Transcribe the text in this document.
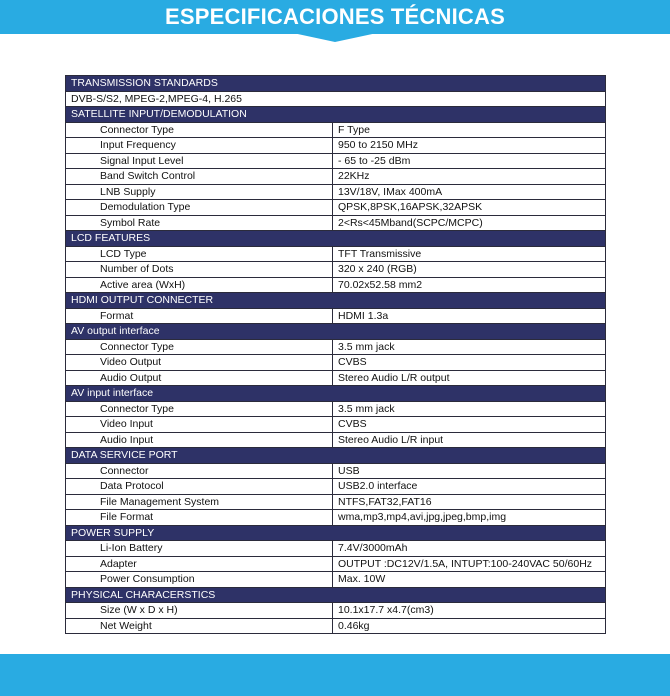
ESPECIFICACIONES TÉCNICAS
TRANSMISSION STANDARDS	
DVB-S/S2, MPEG-2,MPEG-4, H.265	
SATELLITE INPUT/DEMODULATION	
Connector Type	F Type
Input Frequency	950 to 2150 MHz
Signal Input Level	- 65 to -25 dBm
Band Switch Control	22KHz
LNB Supply	13V/18V, IMax 400mA
Demodulation Type	QPSK,8PSK,16APSK,32APSK
Symbol Rate	2<Rs<45Mband(SCPC/MCPC)
LCD FEATURES	
LCD Type	TFT Transmissive
Number of Dots	320 x 240 (RGB)
Active area (WxH)	70.02x52.58 mm2
HDMI OUTPUT CONNECTER	
Format	HDMI 1.3a
AV output interface	
Connector Type	3.5 mm jack
Video Output	CVBS
Audio Output	Stereo Audio L/R output
AV input interface	
Connector Type	3.5 mm jack
Video Input	CVBS
Audio Input	Stereo Audio L/R input
DATA SERVICE PORT	
Connector	USB
Data Protocol	USB2.0 interface
File Management System	NTFS,FAT32,FAT16
File Format	wma,mp3,mp4,avi,jpg,jpeg,bmp,img
POWER SUPPLY	
Li‐Ion Battery	7.4V/3000mAh
Adapter	OUTPUT :DC12V/1.5A, INTUPT:100‐240VAC 50/60Hz
Power Consumption	Max. 10W
PHYSICAL CHARACERSTICS	
Size (W x D x H)	10.1x17.7 x4.7(cm3)
Net Weight	0.46kg
